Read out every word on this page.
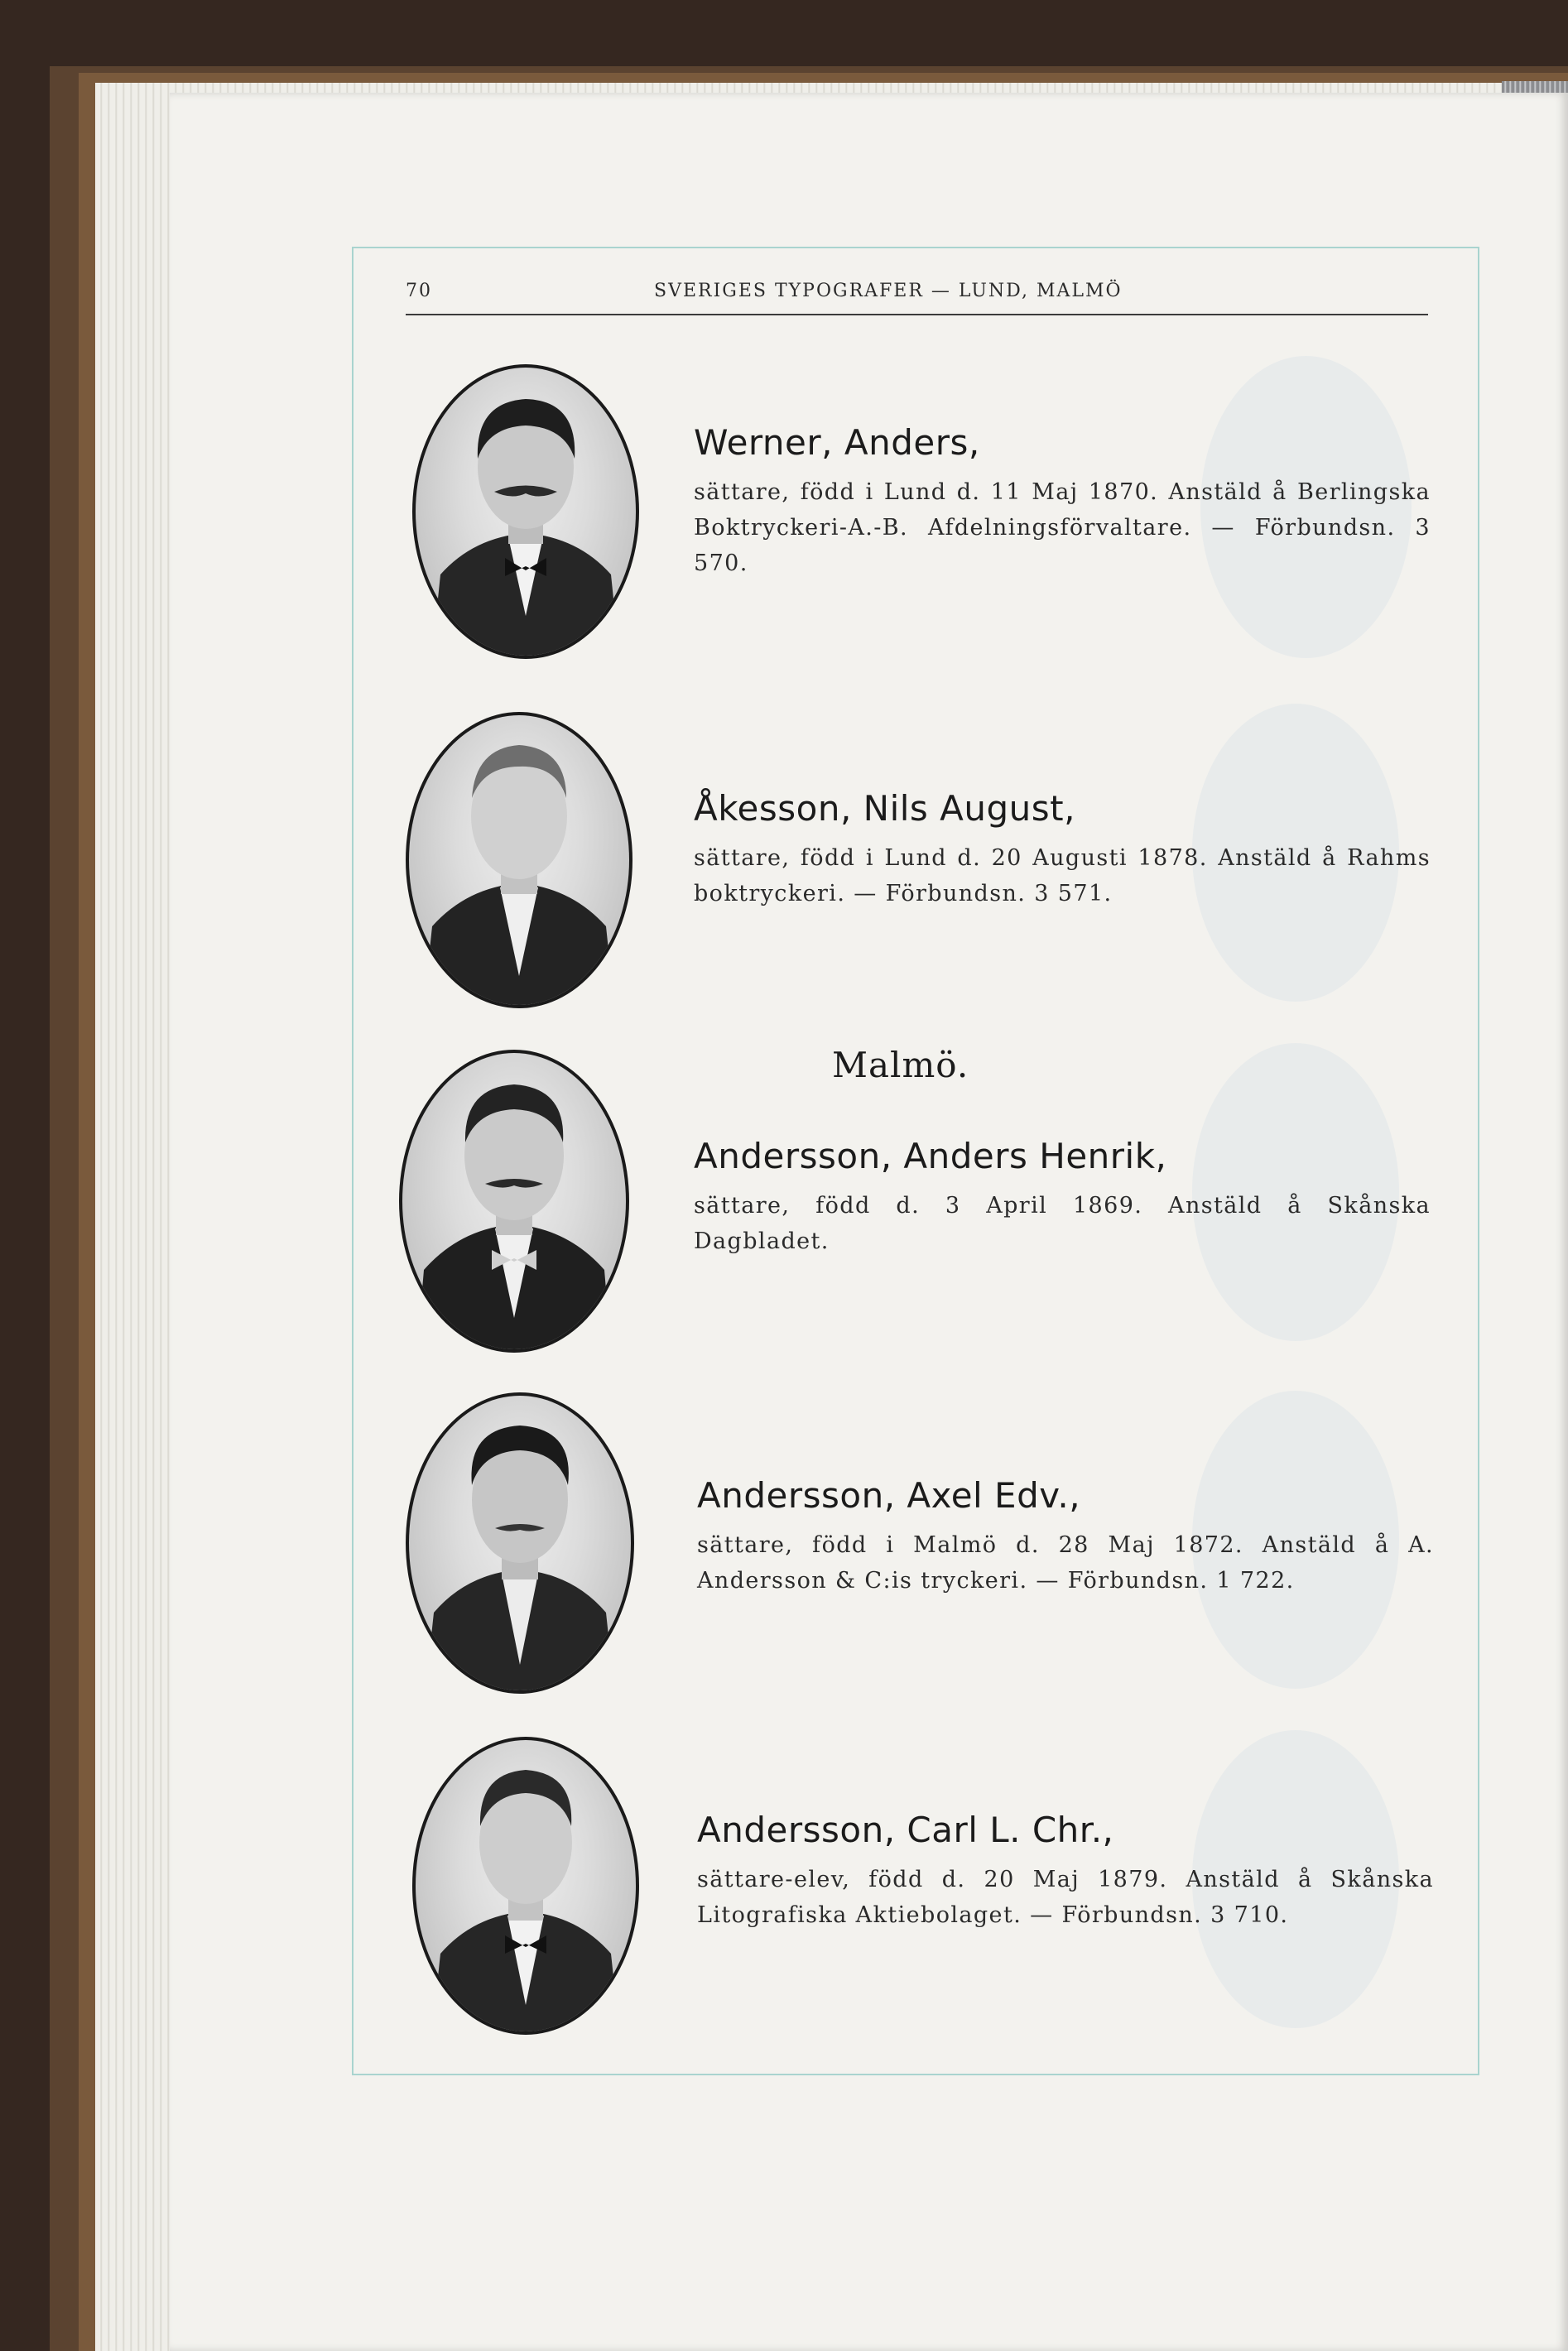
70	SVERIGES TYPOGRAFER — LUND, MALMÖ
Werner, Anders,
sättare, född i Lund d. 11 Maj 1870. Anstäld å Berlingska Boktryckeri-A.-B. Afdelningsförvaltare. — Förbundsn. 3 570.
Åkesson, Nils August,
sättare, född i Lund d. 20 Augusti 1878. Anstäld å Rahms boktryckeri. — Förbundsn. 3 571.
Malmö.
Andersson, Anders Henrik,
sättare, född d. 3 April 1869. Anstäld å Skånska Dagbladet.
Andersson, Axel Edv.,
sättare, född i Malmö d. 28 Maj 1872. Anstäld å A. Andersson & C:is tryckeri. — Förbundsn. 1 722.
Andersson, Carl L. Chr.,
sättare-elev, född d. 20 Maj 1879. Anstäld å Skånska Litografiska Aktiebolaget. — Förbundsn. 3 710.
